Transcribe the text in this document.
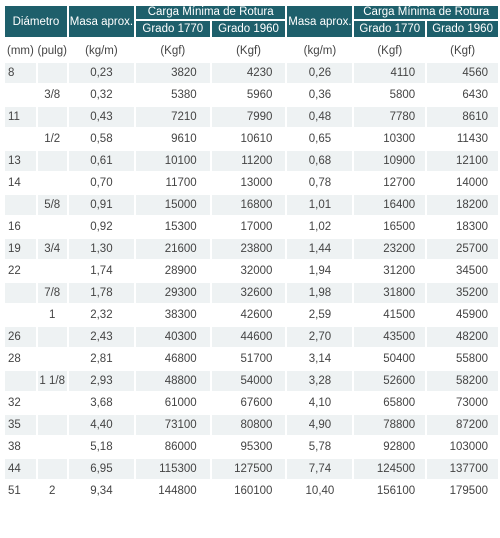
Diámetro		Masa aprox.	Carga Mínima de Rotura		Masa aprox.	Carga Mínima de Rotura	
			Grado 1770	Grado 1960		Grado 1770	Grado 1960
(mm)	(pulg)	(kg/m)	(Kgf)	(Kgf)	(kg/m)	(Kgf)	(Kgf)
8		0,23	3820	4230	0,26	4110	4560
	3/8	0,32	5380	5960	0,36	5800	6430
11		0,43	7210	7990	0,48	7780	8610
	1/2	0,58	9610	10610	0,65	10300	11430
13		0,61	10100	11200	0,68	10900	12100
14		0,70	11700	13000	0,78	12700	14000
	5/8	0,91	15000	16800	1,01	16400	18200
16		0,92	15300	17000	1,02	16500	18300
19	3/4	1,30	21600	23800	1,44	23200	25700
22		1,74	28900	32000	1,94	31200	34500
	7/8	1,78	29300	32600	1,98	31800	35200
	1	2,32	38300	42600	2,59	41500	45900
26		2,43	40300	44600	2,70	43500	48200
28		2,81	46800	51700	3,14	50400	55800
	1 1/8	2,93	48800	54000	3,28	52600	58200
32		3,68	61000	67600	4,10	65800	73000
35		4,40	73100	80800	4,90	78800	87200
38		5,18	86000	95300	5,78	92800	103000
44		6,95	115300	127500	7,74	124500	137700
51	2	9,34	144800	160100	10,40	156100	179500
